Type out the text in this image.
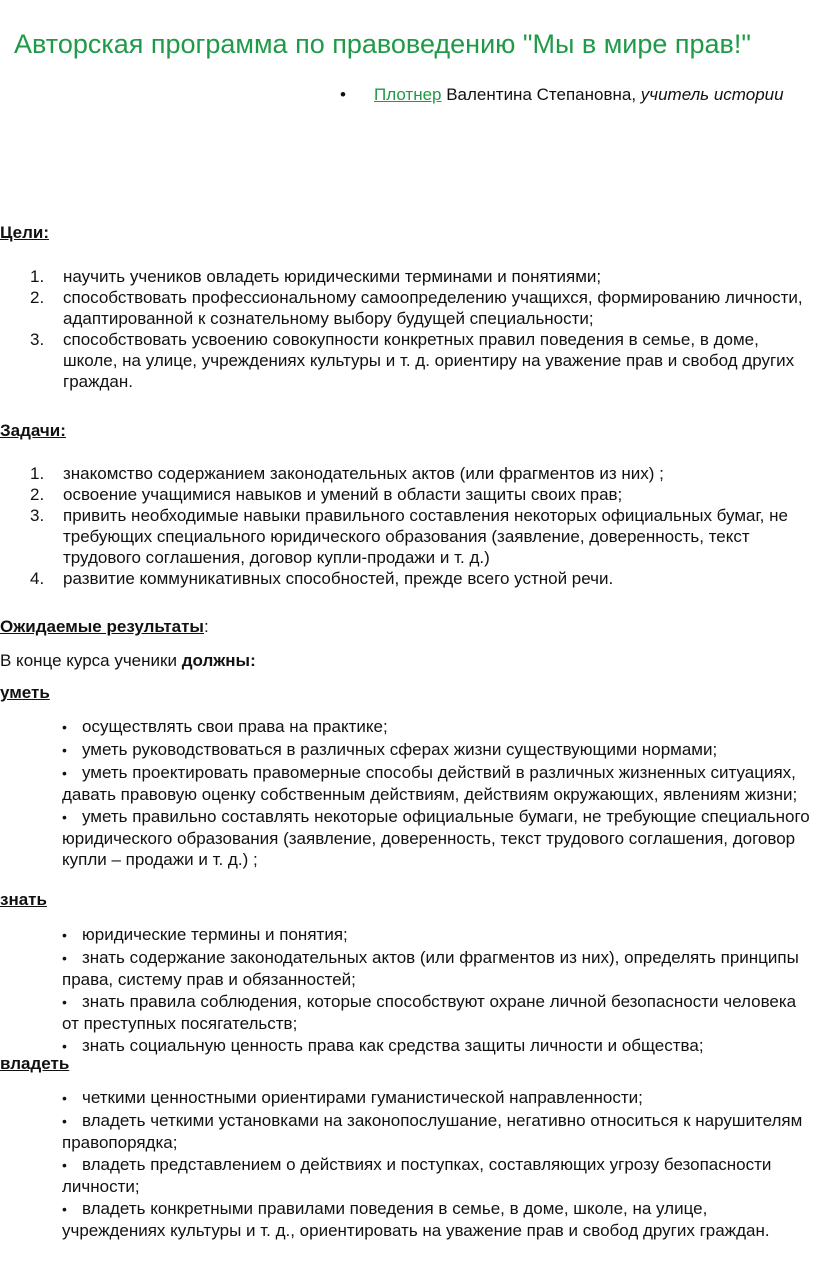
Авторская программа по правоведению "Мы в мире прав!"
• Плотнер Валентина Степановна, учитель истории

Цели:

1. научить учеников овладеть юридическими терминами и понятиями;
2. способствовать профессиональному самоопределению учащихся, формированию личности, адаптированной к сознательному выбору будущей специальности;
3. способствовать усвоению совокупности конкретных правил поведения в семье, в доме, школе, на улице, учреждениях культуры и т. д. ориентиру на уважение прав и свобод других граждан.

Задачи:

1. знакомство содержанием законодательных актов (или фрагментов из них) ;
2. освоение учащимися навыков и умений в области защиты своих прав;
3. привить необходимые навыки правильного составления некоторых официальных бумаг, не требующих специального юридического образования (заявление, доверенность, текст трудового соглашения, договор купли-продажи и т. д.)
4. развитие коммуникативных способностей, прежде всего устной речи.

Ожидаемые результаты:

В конце курса ученики должны:

уметь

• осуществлять свои права на практике;
• уметь руководствоваться в различных сферах жизни существующими нормами;
• уметь проектировать правомерные способы действий в различных жизненных ситуациях, давать правовую оценку собственным действиям, действиям окружающих, явлениям жизни;
• уметь правильно составлять некоторые официальные бумаги, не требующие специального юридического образования (заявление, доверенность, текст трудового соглашения, договор купли – продажи и т. д.) ;

знать

• юридические термины и понятия;
• знать содержание законодательных актов (или фрагментов из них), определять принципы права, систему прав и обязанностей;
• знать правила соблюдения, которые способствуют охране личной безопасности человека от преступных посягательств;
• знать социальную ценность права как средства защиты личности и общества;

владеть

• четкими ценностными ориентирами гуманистической направленности;
• владеть четкими установками на законопослушание, негативно относиться к нарушителям правопорядка;
• владеть представлением о действиях и поступках, составляющих угрозу безопасности личности;
• владеть конкретными правилами поведения в семье, в доме, школе, на улице, учреждениях культуры и т. д., ориентировать на уважение прав и свобод других граждан.
